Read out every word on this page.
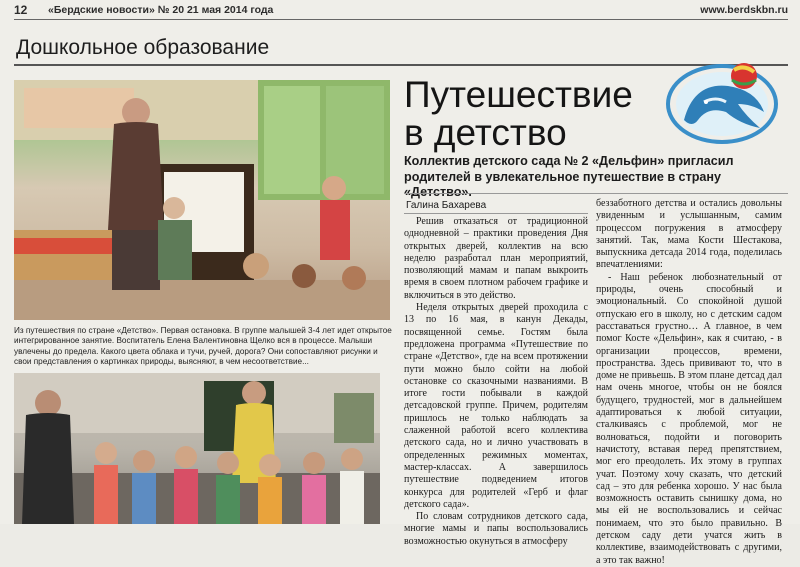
12 «Бердские новости» № 20 21 мая 2014 года	www.berdskbn.ru
Дошкольное образование
Из путешествия по стране «Детство». Первая остановка. В группе малышей 3-4 лет идет открытое интегрированное занятие. Воспитатель Елена Валентиновна Щелко вся в процессе. Малыши увлечены до предела. Какого цвета облака и тучи, ручей, дорога? Они сопоставляют рисунки и свои представления о картинках природы, выясняют, в чем несоответствие...
Путешествие
в детство
Коллектив детского сада № 2 «Дельфин» пригласил родителей в увлекательное путешествие в страну «Детство».
Галина Бахарева

Решив отказаться от традиционной однодневной – практики проведения Дня открытых дверей, коллектив на всю неделю разработал план мероприятий, позволяющий мамам и папам выкроить время в своем плотном рабочем графике и включиться в это действо.

Неделя открытых дверей проходила с 13 по 16 мая, в канун Декады, посвященной семье. Гостям была предложена программа «Путешествие по стране «Детство», где на всем протяжении пути можно было сойти на любой остановке со сказочными названиями. В итоге гости побывали в каждой детсадовской группе. Причем, родителям пришлось не только наблюдать за слаженной работой всего коллектива детского сада, но и лично участвовать в определенных режимных моментах, мастер-классах. А завершилось путешествие подведением итогов конкурса для родителей «Герб и флаг детского сада».

По словам сотрудников детского сада, многие мамы и папы воспользовались возможностью окунуться в атмосферу

беззаботного детства и остались довольны увиденным и услышанным, самим процессом погружения в атмосферу занятий. Так, мама Кости Шестакова, выпускника детсада 2014 года, поделилась впечатлениями:

- Наш ребенок любознательный от природы, очень способный и эмоциональный. Со спокойной душой отпускаю его в школу, но с детским садом расставаться грустно… А главное, в чем помог Косте «Дельфин», как я считаю, - в организации процессов, времени, пространства. Здесь прививают то, что в доме не привьешь. В этом плане детсад дал нам очень многое, чтобы он не боялся будущего, трудностей, мог в дальнейшем адаптироваться к любой ситуации, сталкиваясь с проблемой, мог не волноваться, подойти и поговорить начистоту, вставая перед препятствием, мог его преодолеть. Их этому в группах учат. Поэтому хочу сказать, что детский сад – это для ребенка хорошо. У нас была возможность оставить сынишку дома, но мы ей не воспользовались и сейчас понимаем, что это было правильно. В детском саду дети учатся жить в коллективе, взаимодействовать с другими, а это так важно!
